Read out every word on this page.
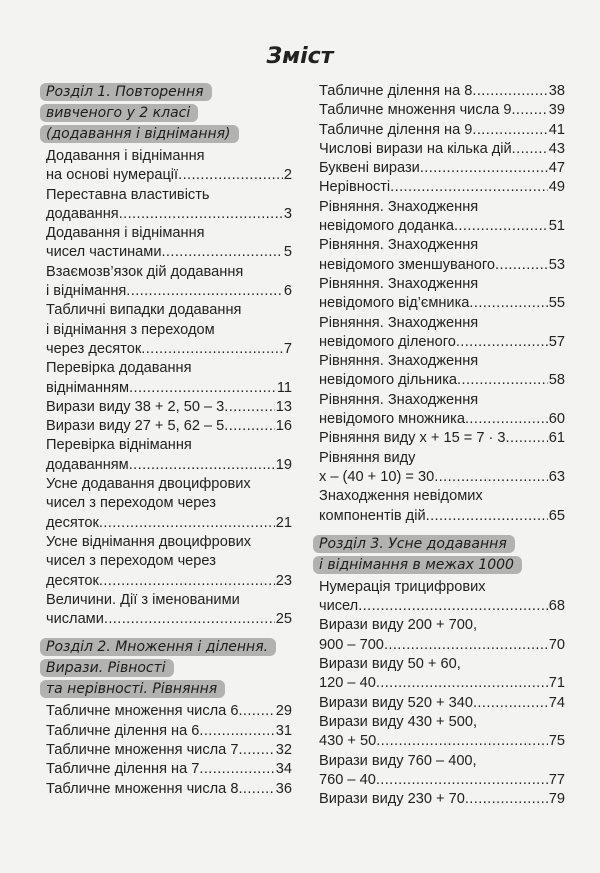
Зміст
Розділ 1. Повторення
вивченого у 2 класі
(додавання і віднімання)
Додавання і віднімання
на основі нумерації .....	2
Переставна властивість
додавання .....	3
Додавання і віднімання
чисел частинами .....	5
Взаємозв’язок дій додавання
і віднімання .....	6
Табличні випадки додавання
і віднімання з переходом
через десяток .....	7
Перевірка додавання
відніманням .....	11
Вирази виду 38 + 2, 50 – 3 .....	13
Вирази виду 27 + 5, 62 – 5 .....	16
Перевірка віднімання
додаванням .....	19
Усне додавання двоцифрових
чисел з переходом через
десяток .....	21
Усне віднімання двоцифрових
чисел з переходом через
десяток .....	23
Величини. Дії з іменованими
числами .....	25
Розділ 2. Множення і ділення.
Вирази. Рівності
та нерівності. Рівняння
Табличне множення числа 6 .....	29
Табличне ділення на 6 .....	31
Табличне множення числа 7 .....	32
Табличне ділення на 7 .....	34
Табличне множення числа 8 .....	36
Табличне ділення на 8 .....	38
Табличне множення числа 9 .....	39
Табличне ділення на 9 .....	41
Числові вирази на кілька дій .....	43
Буквені вирази .....	47
Нерівності .....	49
Рівняння. Знаходження
невідомого доданка .....	51
Рівняння. Знаходження
невідомого зменшуваного .....	53
Рівняння. Знаходження
невідомого від’ємника .....	55
Рівняння. Знаходження
невідомого діленого .....	57
Рівняння. Знаходження
невідомого дільника .....	58
Рівняння. Знаходження
невідомого множника .....	60
Рівняння виду x + 15 = 7 · 3 .....	61
Рівняння виду
x – (40 + 10) = 30 .....	63
Знаходження невідомих
компонентів дій .....	65
Розділ 3. Усне додавання
і віднімання в межах 1000
Нумерація трицифрових
чисел .....	68
Вирази виду 200 + 700,
900 – 700 .....	70
Вирази виду 50 + 60,
120 – 40 .....	71
Вирази виду 520 + 340 .....	74
Вирази виду 430 + 500,
430 + 50 .....	75
Вирази виду 760 – 400,
760 – 40 .....	77
Вирази виду 230 + 70 .....	79
